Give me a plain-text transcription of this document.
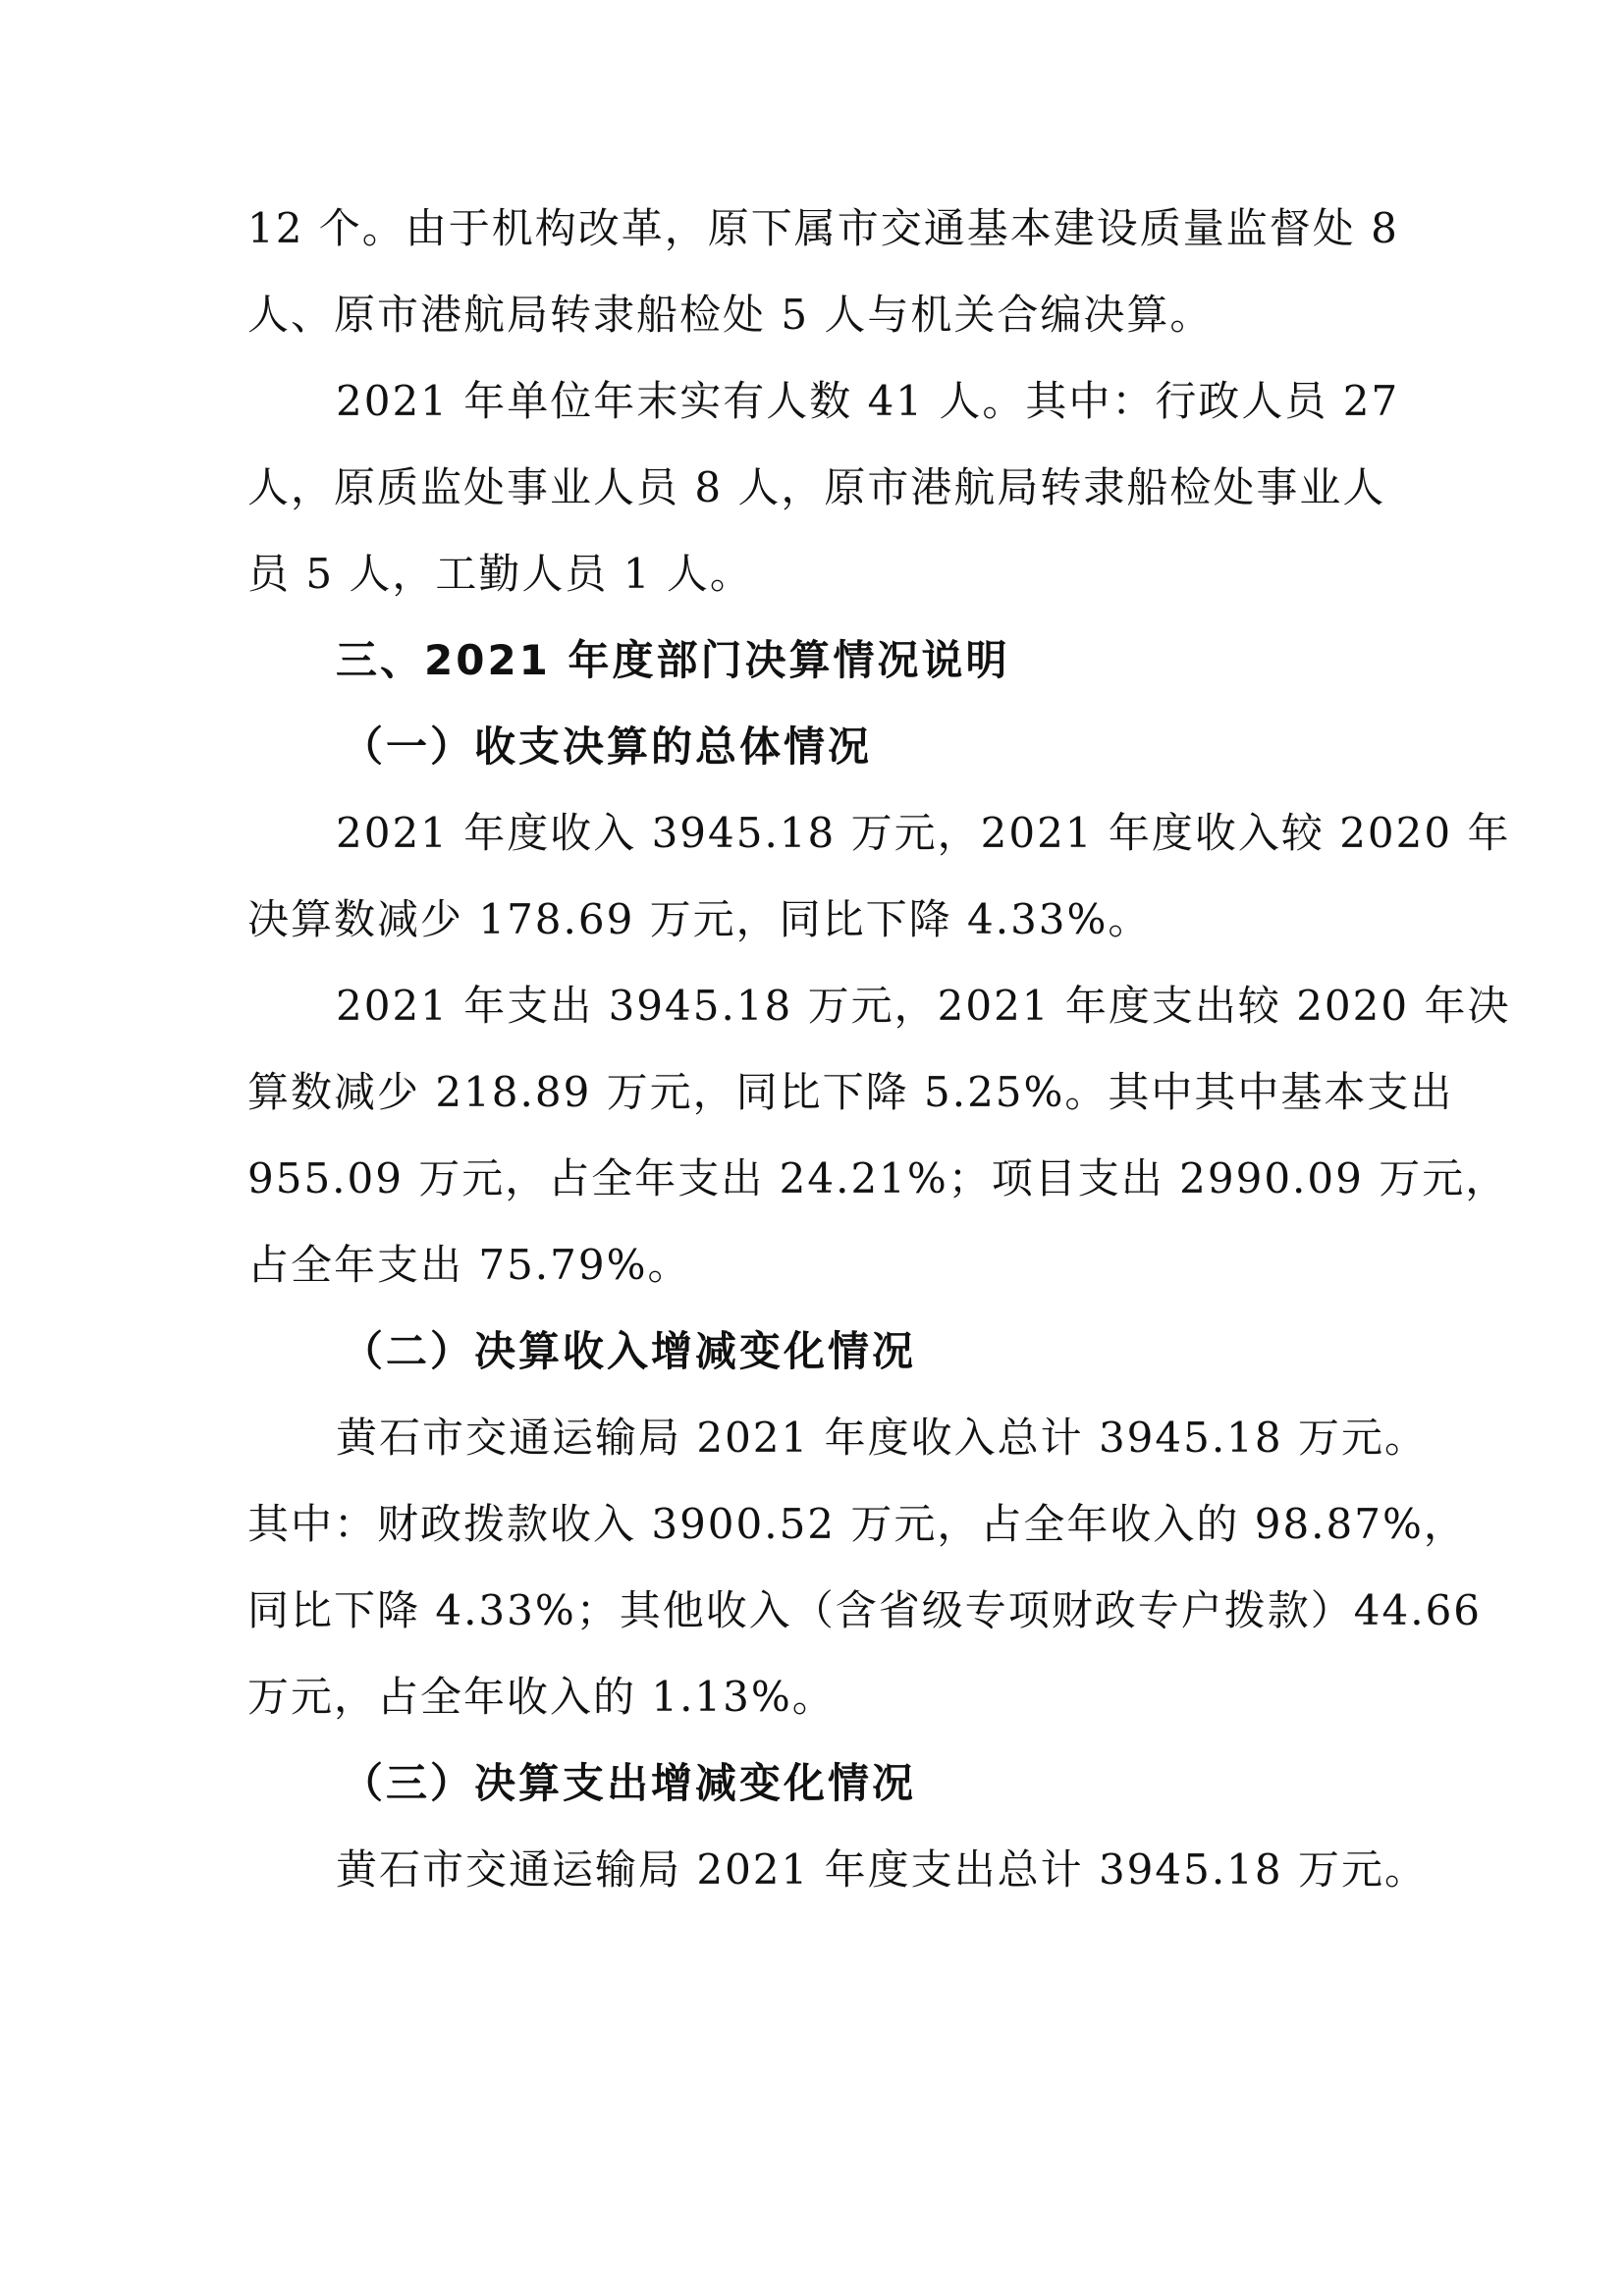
12 个。由于机构改革，原下属市交通基本建设质量监督处 8
人、原市港航局转隶船检处 5 人与机关合编决算。
2021 年单位年末实有人数 41 人。其中：行政人员 27
人，原质监处事业人员 8 人，原市港航局转隶船检处事业人
员 5 人，工勤人员 1 人。
三、2021 年度部门决算情况说明
（一）收支决算的总体情况
2021 年度收入 3945.18 万元，2021 年度收入较 2020 年
决算数减少 178.69 万元，同比下降 4.33%。
2021 年支出 3945.18 万元，2021 年度支出较 2020 年决
算数减少 218.89 万元，同比下降 5.25%。其中其中基本支出
955.09 万元，占全年支出 24.21%；项目支出 2990.09 万元，
占全年支出 75.79%。
（二）决算收入增减变化情况
黄石市交通运输局 2021 年度收入总计 3945.18 万元。
其中：财政拨款收入 3900.52 万元，占全年收入的 98.87%，
同比下降 4.33%；其他收入（含省级专项财政专户拨款）44.66
万元，占全年收入的 1.13%。
（三）决算支出增减变化情况
黄石市交通运输局 2021 年度支出总计 3945.18 万元。
